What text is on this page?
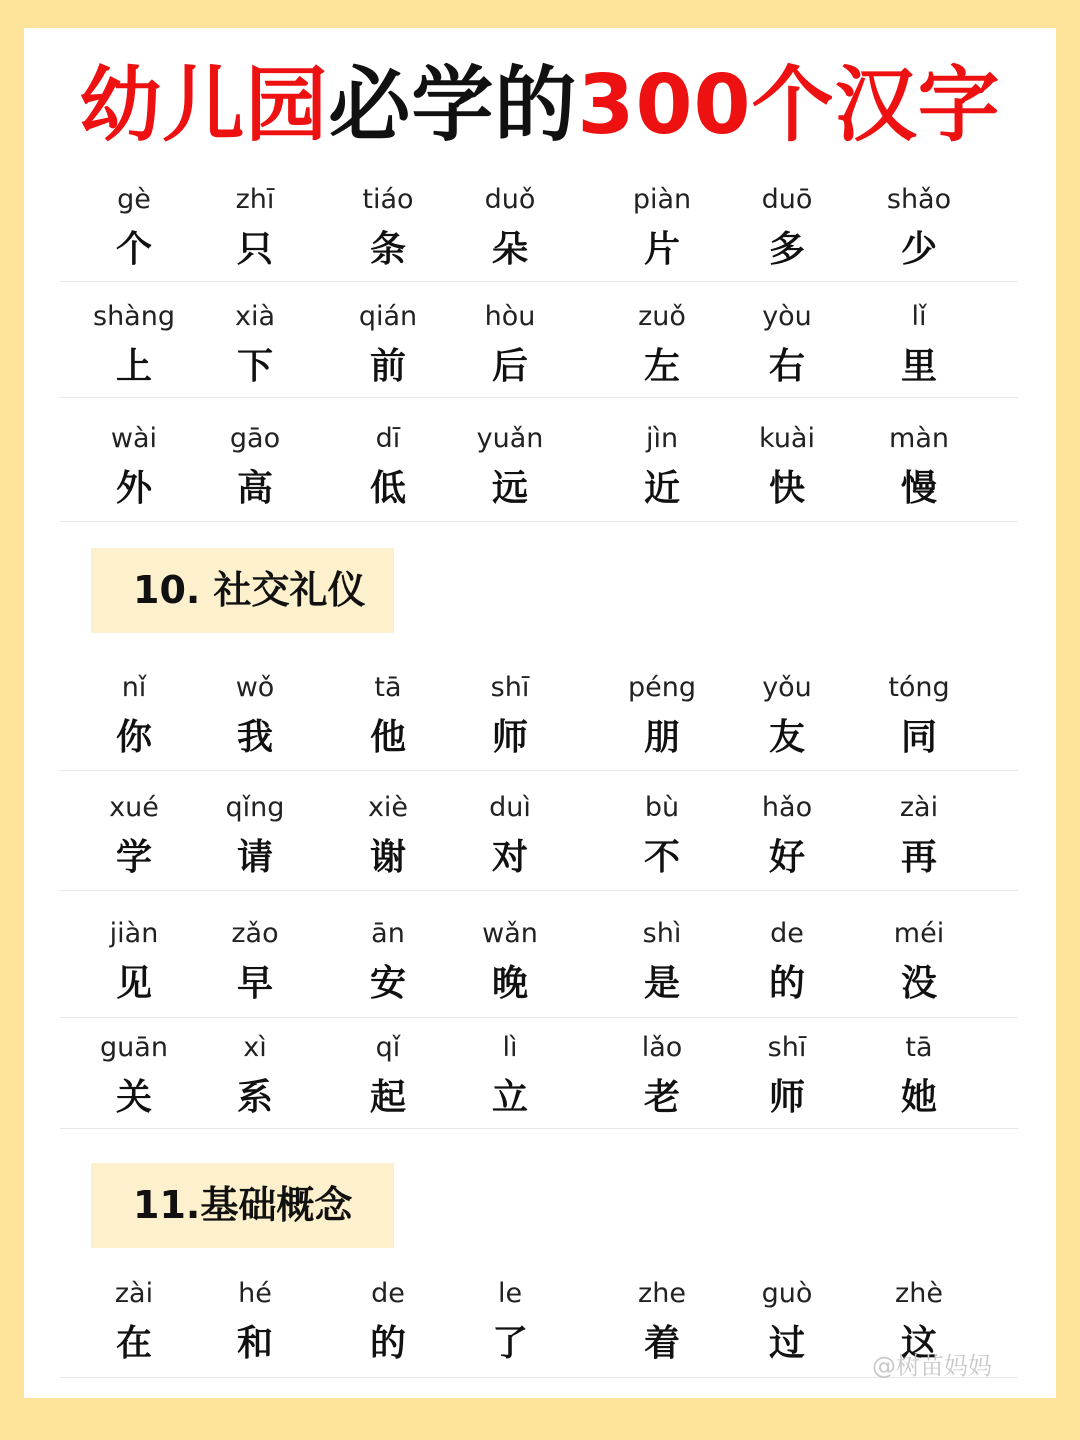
幼儿园必学的300个汉字
gè
个
zhī
只
tiáo
条
duǒ
朵
piàn
片
duō
多
shǎo
少
shàng
上
xià
下
qián
前
hòu
后
zuǒ
左
yòu
右
lǐ
里
wài
外
gāo
高
dī
低
yuǎn
远
jìn
近
kuài
快
màn
慢
nǐ
你
wǒ
我
tā
他
shī
师
péng
朋
yǒu
友
tóng
同
xué
学
qǐng
请
xiè
谢
duì
对
bù
不
hǎo
好
zài
再
jiàn
见
zǎo
早
ān
安
wǎn
晚
shì
是
de
的
méi
没
guān
关
xì
系
qǐ
起
lì
立
lǎo
老
shī
师
tā
她
zài
在
hé
和
de
的
le
了
zhe
着
guò
过
zhè
这
10. 社交礼仪
11.基础概念
@树苗妈妈
